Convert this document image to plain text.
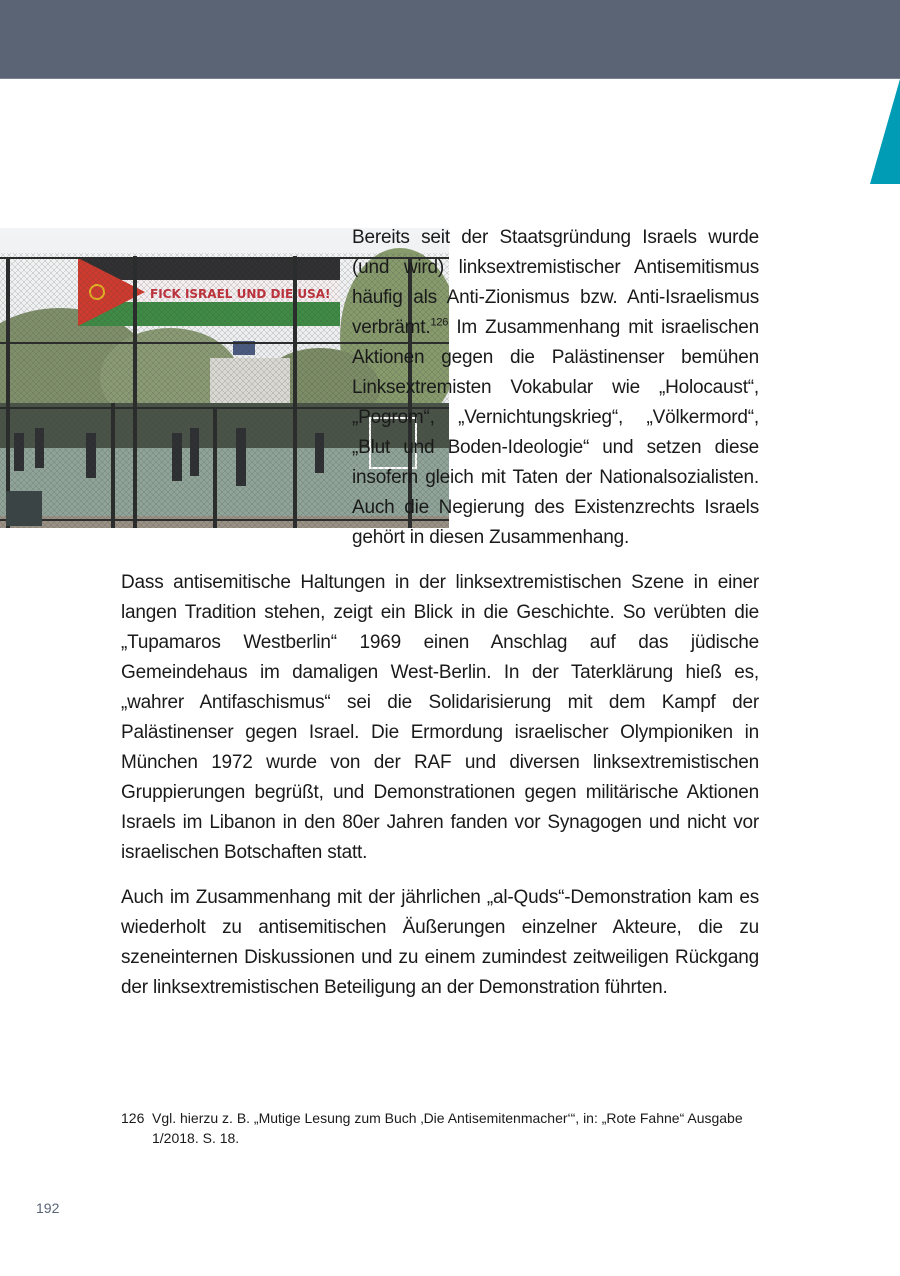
Bereits seit der Staatsgründung Israels wurde (und wird) linksextremistischer Antisemitismus häufig als Anti-Zionismus bzw. Anti-Israelismus verbrämt.$^{126}$ Im Zusammenhang mit israelischen Aktionen gegen die Palästinenser bemühen Linksextremisten Vokabular wie „Holocaust“, „Pogrom“, „Vernichtungskrieg“, „Völkermord“, „Blut und Boden-Ideologie“ und setzen diese insofern gleich mit Taten der Nationalsozialisten. Auch die Negierung des Existenzrechts Israels gehört in diesen Zusammenhang.

Dass antisemitische Haltungen in der linksextremistischen Szene in einer langen Tradition stehen, zeigt ein Blick in die Geschichte. So verübten die „Tupamaros Westberlin“ 1969 einen Anschlag auf das jüdische Gemeindehaus im damaligen West-Berlin. In der Taterklärung hieß es, „wahrer Antifaschismus“ sei die Solidarisierung mit dem Kampf der Palästinenser gegen Israel. Die Ermordung israelischer Olympioniken in München 1972 wurde von der RAF und diversen linksextremistischen Gruppierungen begrüßt, und Demonstrationen gegen militärische Aktionen Israels im Libanon in den 80er Jahren fanden vor Synagogen und nicht vor israelischen Botschaften statt.

Auch im Zusammenhang mit der jährlichen „al-Quds“-Demonstration kam es wiederholt zu antisemitischen Äußerungen einzelner Akteure, die zu szeneinternen Diskussionen und zu einem zumindest zeitweiligen Rückgang der linksextremistischen Beteiligung an der Demonstration führten.

126 Vgl. hierzu z. B. „Mutige Lesung zum Buch ‚Die Antisemitenmacher‘“, in: „Rote Fahne“ Ausgabe 1/2018. S. 18.
192
